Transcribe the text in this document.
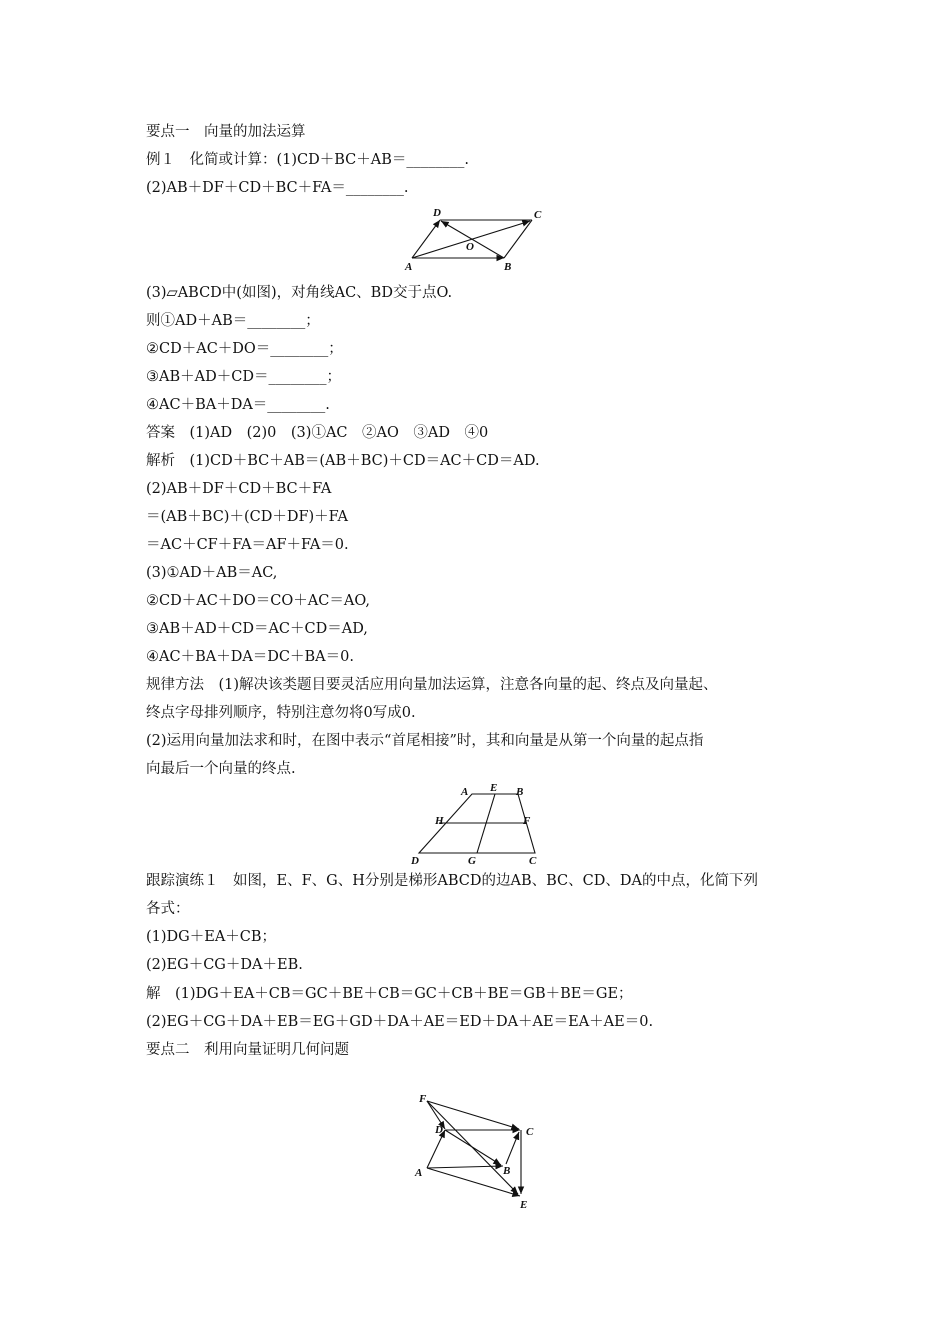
要点一　向量的加法运算
例１　化简或计算：(1)CD＋BC＋AB＝________.
(2)AB＋DF＋CD＋BC＋FA＝________.
D	C
O
A	B
(3)▱ABCD中(如图)，对角线AC、BD交于点O.
则①AD＋AB＝________；
②CD＋AC＋DO＝________；
③AB＋AD＋CD＝________；
④AC＋BA＋DA＝________.
答案　(1)AD　(2)0　(3)①AC　②AO　③AD　④0
解析　(1)CD＋BC＋AB＝(AB＋BC)＋CD＝AC＋CD＝AD.
(2)AB＋DF＋CD＋BC＋FA
＝(AB＋BC)＋(CD＋DF)＋FA
＝AC＋CF＋FA＝AF＋FA＝0.
(3)①AD＋AB＝AC,
②CD＋AC＋DO＝CO＋AC＝AO,
③AB＋AD＋CD＝AC＋CD＝AD,
④AC＋BA＋DA＝DC＋BA＝0.
规律方法　(1)解决该类题目要灵活应用向量加法运算，注意各向量的起、终点及向量起、
终点字母排列顺序，特别注意勿将0写成0.
(2)运用向量加法求和时，在图中表示“首尾相接”时，其和向量是从第一个向量的起点指
向最后一个向量的终点.
A E B
H	F
D	G	C
跟踪演练１　如图，E、F、G、H分别是梯形ABCD的边AB、BC、CD、DA的中点，化简下列
各式：
(1)DG＋EA＋CB；
(2)EG＋CG＋DA＋EB.
解　(1)DG＋EA＋CB＝GC＋BE＋CB＝GC＋CB＋BE＝GB＋BE＝GE；
(2)EG＋CG＋DA＋EB＝EG＋GD＋DA＋AE＝ED＋DA＋AE＝EA＋AE＝0.
要点二　利用向量证明几何问题
F
D	C
A	B
E
